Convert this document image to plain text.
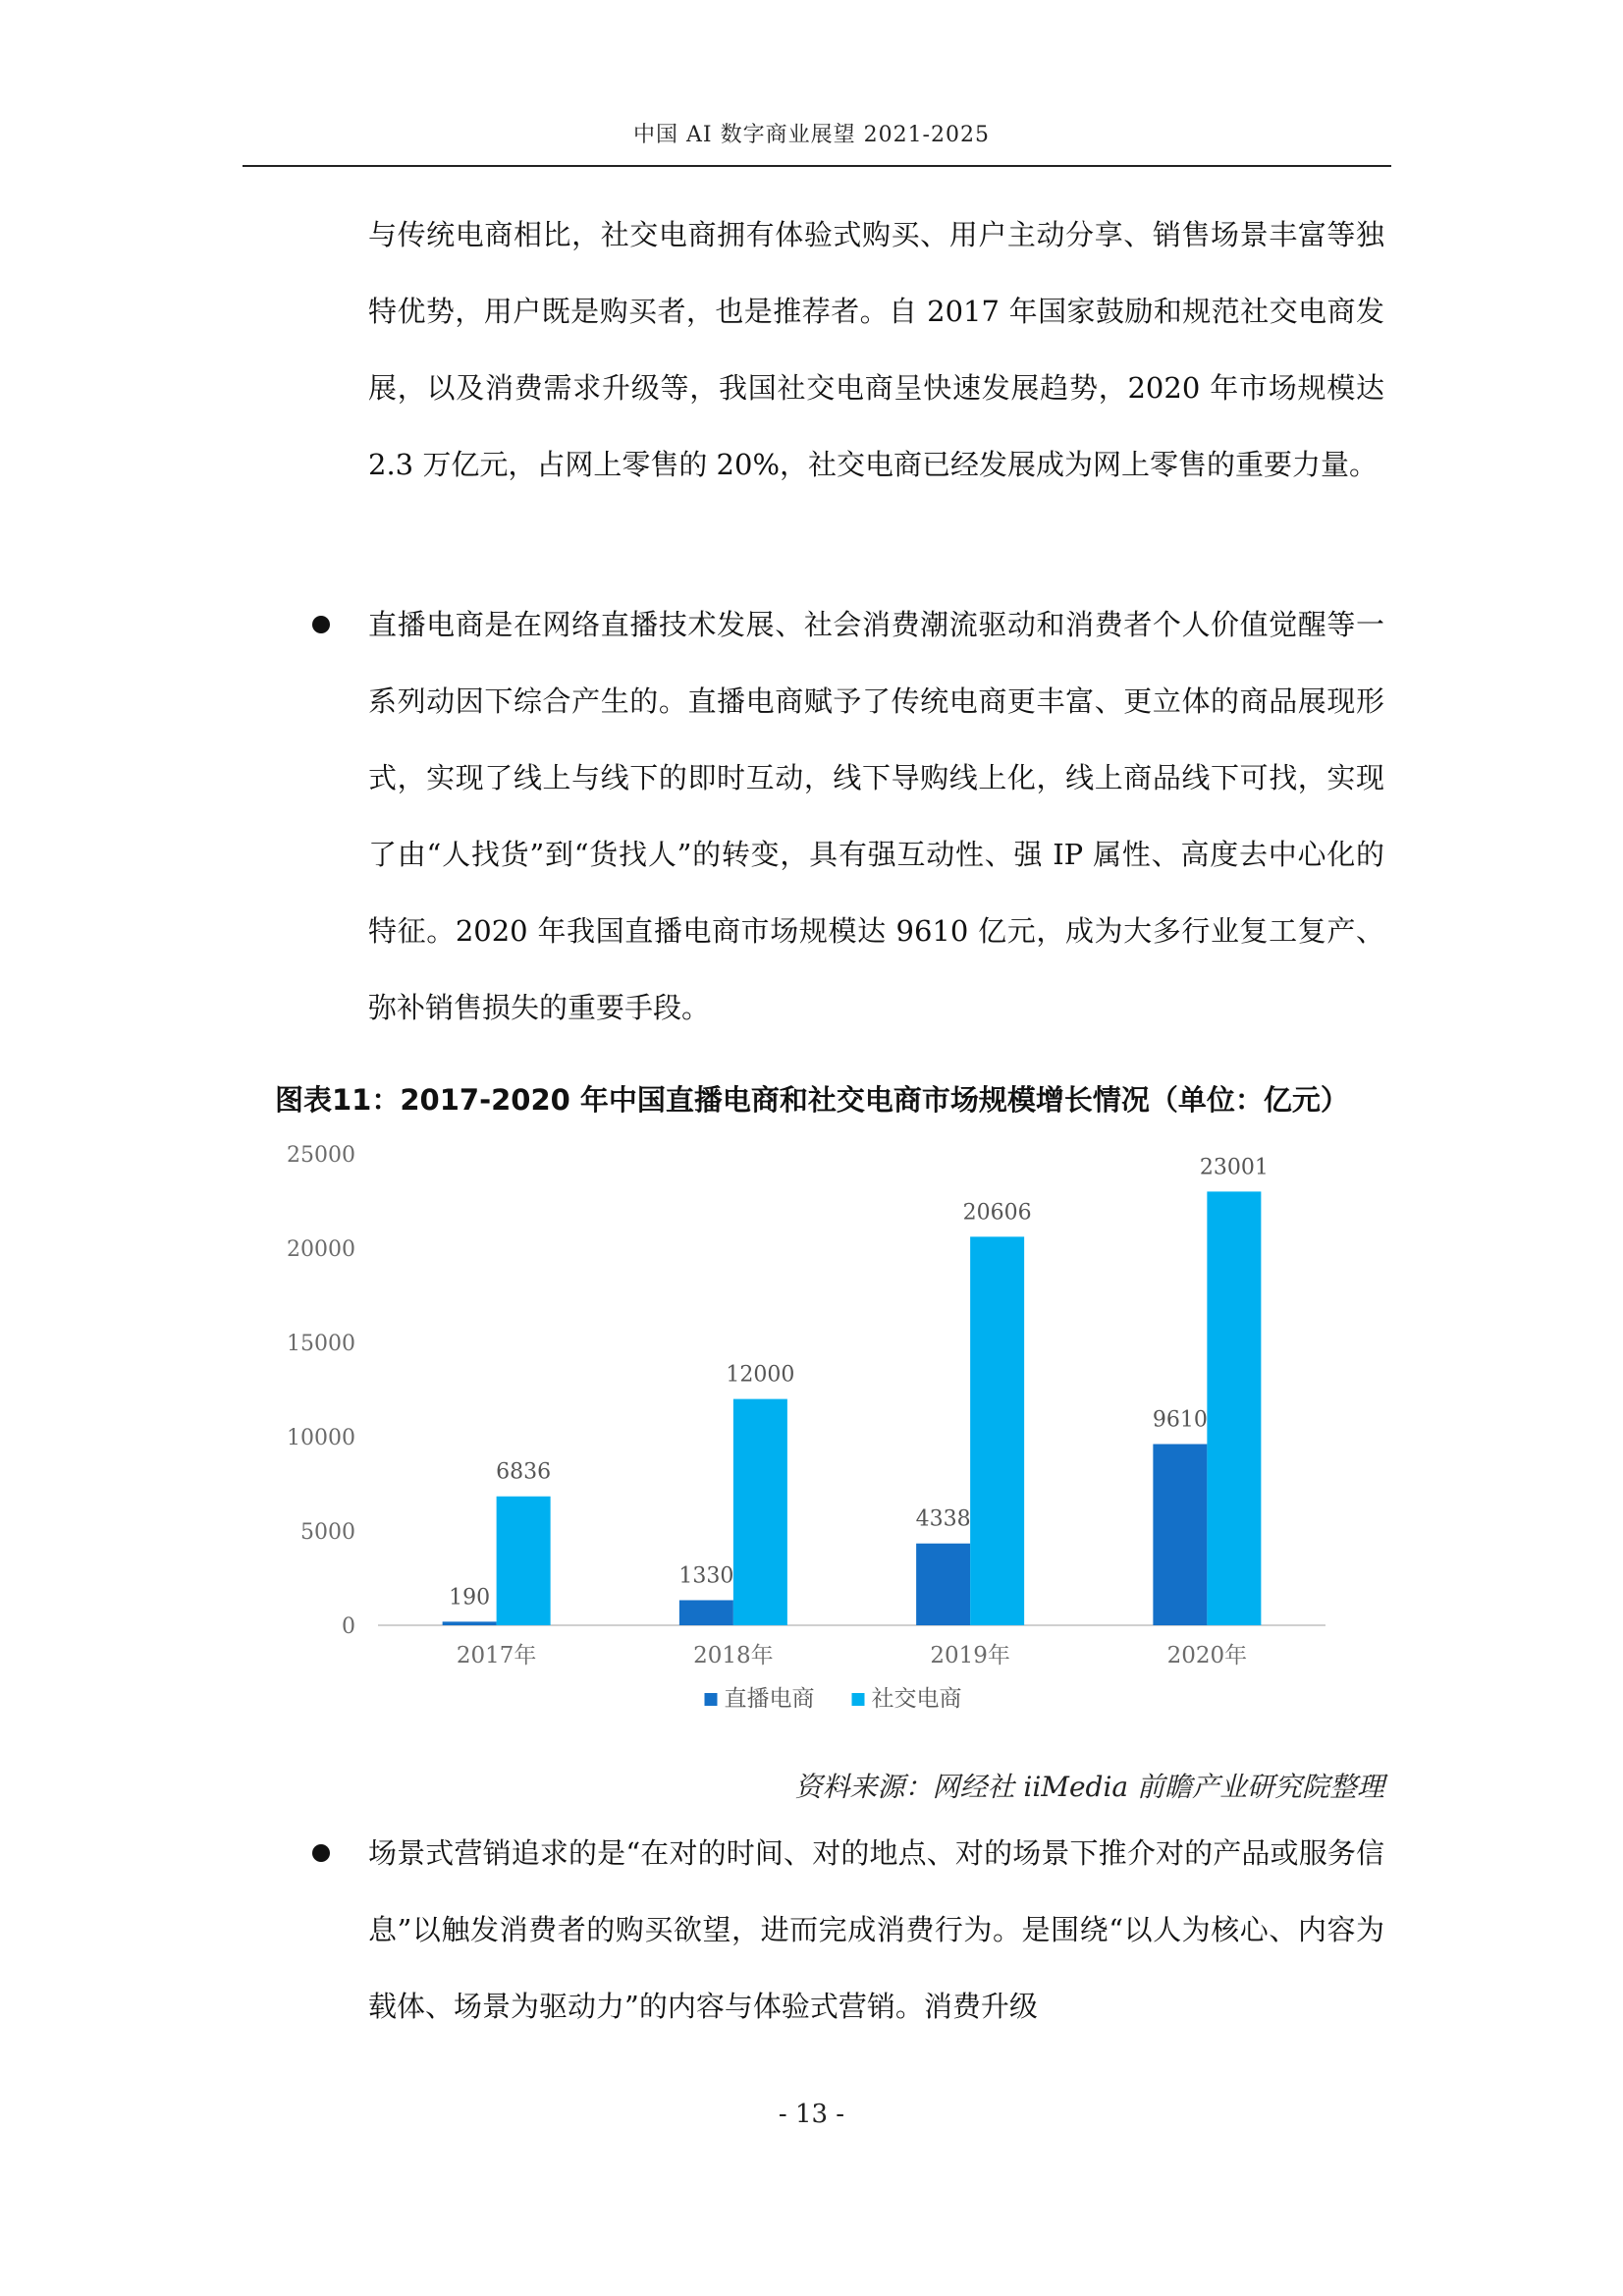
中国 AI 数字商业展望 2021-2025
与传统电商相比，社交电商拥有体验式购买、用户主动分享、销售场景丰富等独特优势，用户既是购买者，也是推荐者。自 2017 年国家鼓励和规范社交电商发展，以及消费需求升级等，我国社交电商呈快速发展趋势，2020 年市场规模达 2.3 万亿元，占网上零售的 20%，社交电商已经发展成为网上零售的重要力量。
直播电商是在网络直播技术发展、社会消费潮流驱动和消费者个人价值觉醒等一系列动因下综合产生的。直播电商赋予了传统电商更丰富、更立体的商品展现形式，实现了线上与线下的即时互动，线下导购线上化，线上商品线下可找，实现了由“人找货”到“货找人”的转变，具有强互动性、强 IP 属性、高度去中心化的特征。2020 年我国直播电商市场规模达 9610 亿元，成为大多行业复工复产、弥补销售损失的重要手段。
图表11：2017-2020 年中国直播电商和社交电商市场规模增长情况（单位：亿元）
0
5000
10000
15000
20000
25000
190
6836
1330
12000
4338
20606
9610
23001
2017年	2018年	2019年	2020年
直播电商	社交电商
资料来源：网经社 iiMedia 前瞻产业研究院整理
场景式营销追求的是“在对的时间、对的地点、对的场景下推介对的产品或服务信息”以触发消费者的购买欲望，进而完成消费行为。是围绕“以人为核心、内容为载体、场景为驱动力”的内容与体验式营销。消费升级
- 13 -
